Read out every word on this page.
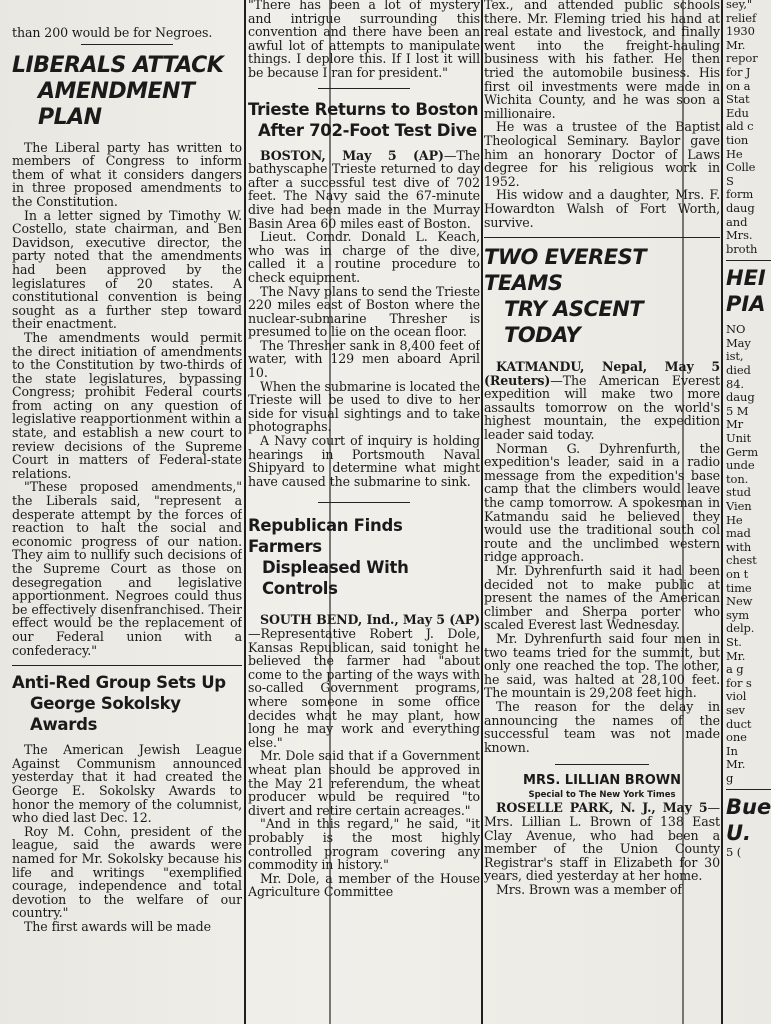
than 200 would be for Negroes.

LIBERALS ATTACK
AMENDMENT PLAN

The Liberal party has written to members of Congress to inform them of what it considers dangers in three proposed amendments to the Constitution.

In a letter signed by Timothy W. Costello, state chairman, and Ben Davidson, executive director, the party noted that the amendments had been approved by the legislatures of 20 states. A constitutional convention is being sought as a further step toward their enactment.

The amendments would permit the direct initiation of amendments to the Constitution by two-thirds of the state legislatures, bypassing Congress; prohibit Federal courts from acting on any question of legislative reapportionment within a state, and establish a new court to review decisions of the Supreme Court in matters of Federal-state relations.

"These proposed amendments," the Liberals said, "represent a desperate attempt by the forces of reaction to halt the social and economic progress of our nation. They aim to nullify such decisions of the Supreme Court as those on desegregation and legislative apportionment. Negroes could thus be effectively disenfranchised. Their effect would be the replacement of our Federal union with a confederacy."

Anti-Red Group Sets Up
George Sokolsky Awards

The American Jewish League Against Communism announced yesterday that it had created the George E. Sokolsky Awards to honor the memory of the columnist, who died last Dec. 12.

Roy M. Cohn, president of the league, said the awards were named for Mr. Sokolsky because his life and writings "exemplified courage, independence and total devotion to the welfare of our country."

The first awards will be made

"There has been a lot of mystery and intrigue surrounding this convention and there have been an awful lot of attempts to manipulate things. I deplore this. If I lost it will be because I ran for president."

Trieste Returns to Boston
After 702-Foot Test Dive

BOSTON, May 5 (AP)—The bathyscaphe Trieste returned to day after a successful test dive of 702 feet. The Navy said the 67-minute dive had been made in the Murray Basin Area 60 miles east of Boston.

Lieut. Comdr. Donald L. Keach, who was in charge of the dive, called it a routine procedure to check equipment.

The Navy plans to send the Trieste 220 miles east of Boston where the nuclear-submarine Thresher is presumed to lie on the ocean floor.

The Thresher sank in 8,400 feet of water, with 129 men aboard April 10.

When the submarine is located the Trieste will be used to dive to her side for visual sightings and to take photographs.

A Navy court of inquiry is holding hearings in Portsmouth Naval Shipyard to determine what might have caused the submarine to sink.

Republican Finds Farmers
Displeased With Controls

SOUTH BEND, Ind., May 5 (AP)—Representative Robert J. Dole, Kansas Republican, said tonight he believed the farmer had "about come to the parting of the ways with so-called Government programs, where someone in some office decides what he may plant, how long he may work and everything else."

Mr. Dole said that if a Government wheat plan should be approved in the May 21 referendum, the wheat producer would be required "to divert and retire certain acreages."

"And in this regard," he said, "it probably is the most highly controlled program covering any commodity in history."

Mr. Dole, a member of the House Agriculture Committee

Tex., and attended public schools there. Mr. Fleming tried his hand at real estate and livestock, and finally went into the freight-hauling business with his father. He then tried the automobile business. His first oil investments were made in Wichita County, and he was soon a millionaire.

He was a trustee of the Baptist Theological Seminary. Baylor gave him an honorary Doctor of Laws degree for his religious work in 1952.

His widow and a daughter, Mrs. F. Howardton Walsh of Fort Worth, survive.

TWO EVEREST TEAMS
TRY ASCENT TODAY

KATMANDU, Nepal, May 5 (Reuters)—The American Everest expedition will make two more assaults tomorrow on the world's highest mountain, the expedition leader said today.

Norman G. Dyhrenfurth, the expedition's leader, said in a radio message from the expedition's base camp that the climbers would leave the camp tomorrow. A spokesman in Katmandu said he believed they would use the traditional south col route and the unclimbed western ridge approach.

Mr. Dyhrenfurth said it had been decided not to make public at present the names of the American climber and Sherpa porter who scaled Everest last Wednesday.

Mr. Dyhrenfurth said four men in two teams tried for the summit, but only one reached the top. The other, he said, was halted at 28,100 feet. The mountain is 29,208 feet high.

The reason for the delay in announcing the names of the successful team was not made known.

MRS. LILLIAN BROWN
Special to The New York Times

ROSELLE PARK, N. J., May 5—Mrs. Lillian L. Brown of 138 East Clay Avenue, who had been a member of the Union County Registrar's staff in Elizabeth for 30 years, died yesterday at her home.

Mrs. Brown was a member of

sey,"

relief

1930

Mr.

repor

for J

on a

Stat

Edu

ald c

tion

He

Colle

S

form

daug

and

Mrs.

broth

HEI
PIA

NO

May

ist,

died

84.

daug

5 M

Mr

Unit

Germ

unde

ton.

stud

Vien

He

mad

with

chest

on t

time

New

sym

delp.

St.

Mr.

a g

for s

viol

sev

duct

one

In

Mr.

g

Bue
U.

5 (
